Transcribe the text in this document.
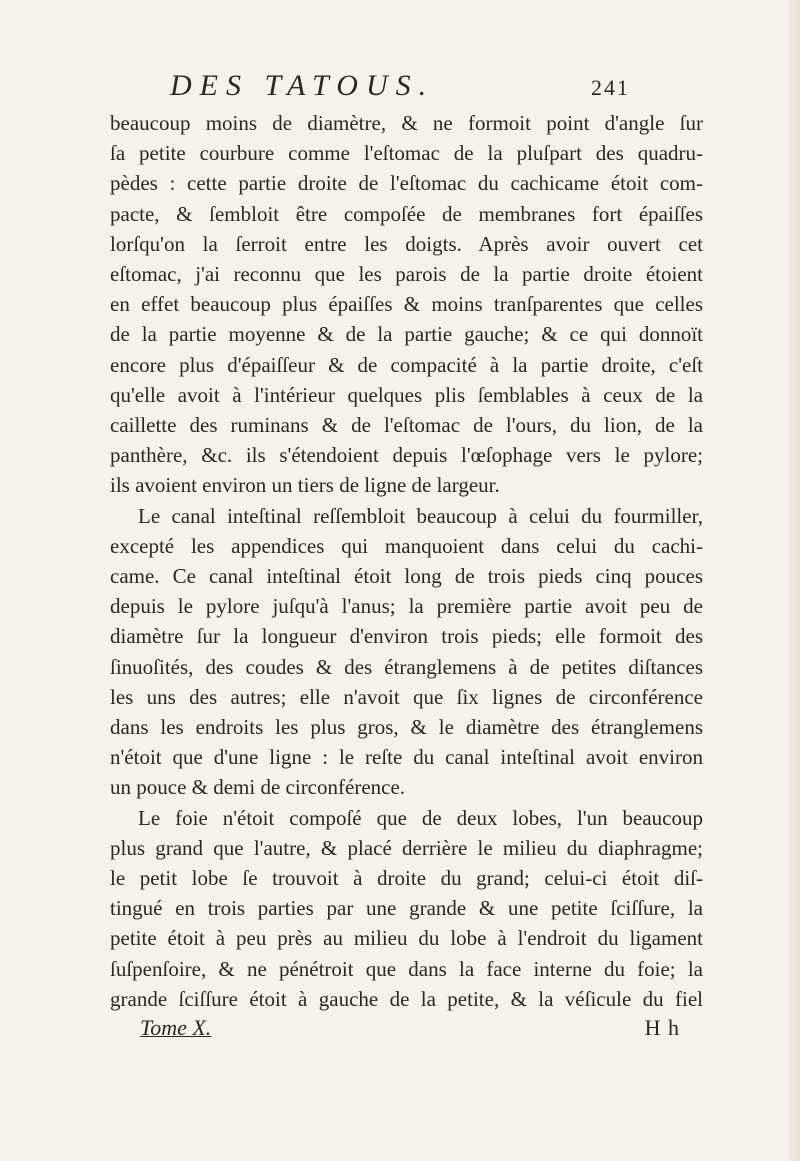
DES TATOUS.	241
beaucoup moins de diamètre, & ne formoit point d'angle ſur
ſa petite courbure comme l'eſtomac de la pluſpart des quadru-
pèdes : cette partie droite de l'eſtomac du cachicame étoit com-
pacte, & ſembloit être compoſée de membranes fort épaiſſes
lorſqu'on la ſerroit entre les doigts. Après avoir ouvert cet
eſtomac, j'ai reconnu que les parois de la partie droite étoient
en effet beaucoup plus épaiſſes & moins tranſparentes que celles
de la partie moyenne & de la partie gauche; & ce qui donnoït
encore plus d'épaiſſeur & de compacité à la partie droite, c'eſt
qu'elle avoit à l'intérieur quelques plis ſemblables à ceux de la
caillette des ruminans & de l'eſtomac de l'ours, du lion, de la
panthère, &c. ils s'étendoient depuis l'œſophage vers le pylore;
ils avoient environ un tiers de ligne de largeur.
Le canal inteſtinal reſſembloit beaucoup à celui du fourmiller,
excepté les appendices qui manquoient dans celui du cachi-
came. Ce canal inteſtinal étoit long de trois pieds cinq pouces
depuis le pylore juſqu'à l'anus; la première partie avoit peu de
diamètre ſur la longueur d'environ trois pieds; elle formoit des
ſinuoſités, des coudes & des étranglemens à de petites diſtances
les uns des autres; elle n'avoit que ſix lignes de circonférence
dans les endroits les plus gros, & le diamètre des étranglemens
n'étoit que d'une ligne : le reſte du canal inteſtinal avoit environ
un pouce & demi de circonférence.
Le foie n'étoit compoſé que de deux lobes, l'un beaucoup
plus grand que l'autre, & placé derrière le milieu du diaphragme;
le petit lobe ſe trouvoit à droite du grand; celui-ci étoit diſ-
tingué en trois parties par une grande & une petite ſciſſure, la
petite étoit à peu près au milieu du lobe à l'endroit du ligament
ſuſpenſoire, & ne pénétroit que dans la face interne du foie; la
grande ſciſſure étoit à gauche de la petite, & la véſicule du fiel
Tome X.	H h
